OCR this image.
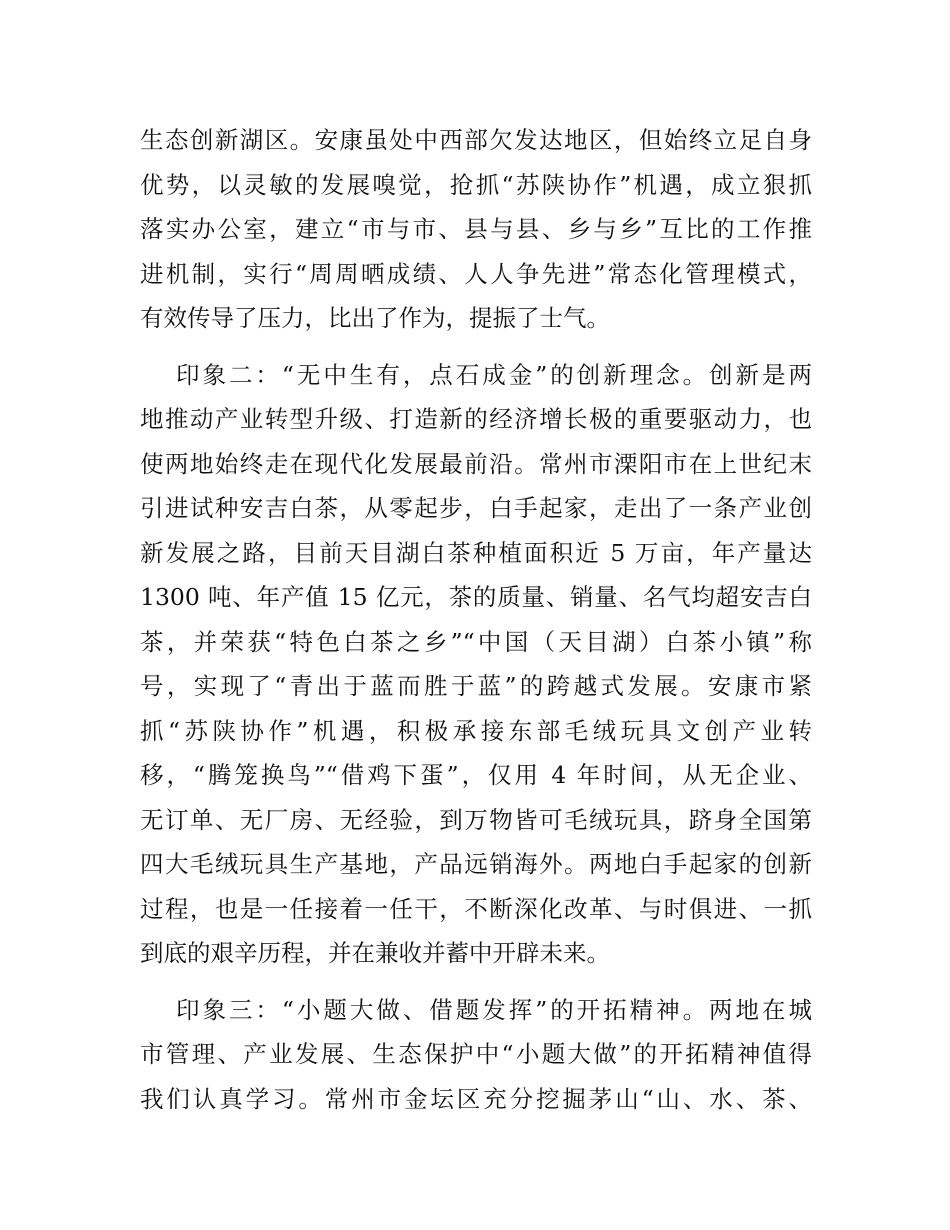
生态创新湖区。安康虽处中西部欠发达地区，但始终立足自身
优势，以灵敏的发展嗅觉，抢抓“苏陕协作”机遇，成立狠抓
落实办公室，建立“市与市、县与县、乡与乡”互比的工作推
进机制，实行“周周晒成绩、人人争先进”常态化管理模式，
有效传导了压力，比出了作为，提振了士气。
印象二：“无中生有，点石成金”的创新理念。创新是两
地推动产业转型升级、打造新的经济增长极的重要驱动力，也
使两地始终走在现代化发展最前沿。常州市溧阳市在上世纪末
引进试种安吉白茶，从零起步，白手起家，走出了一条产业创
新发展之路，目前天目湖白茶种植面积近 5 万亩，年产量达
1300 吨、年产值 15 亿元，茶的质量、销量、名气均超安吉白
茶，并荣获“特色白茶之乡”“中国（天目湖）白茶小镇”称
号，实现了“青出于蓝而胜于蓝”的跨越式发展。安康市紧
抓“苏陕协作”机遇，积极承接东部毛绒玩具文创产业转
移，“腾笼换鸟”“借鸡下蛋”，仅用 4 年时间，从无企业、
无订单、无厂房、无经验，到万物皆可毛绒玩具，跻身全国第
四大毛绒玩具生产基地，产品远销海外。两地白手起家的创新
过程，也是一任接着一任干，不断深化改革、与时俱进、一抓
到底的艰辛历程，并在兼收并蓄中开辟未来。
印象三：“小题大做、借题发挥”的开拓精神。两地在城
市管理、产业发展、生态保护中“小题大做”的开拓精神值得
我们认真学习。常州市金坛区充分挖掘茅山“山、水、茶、
